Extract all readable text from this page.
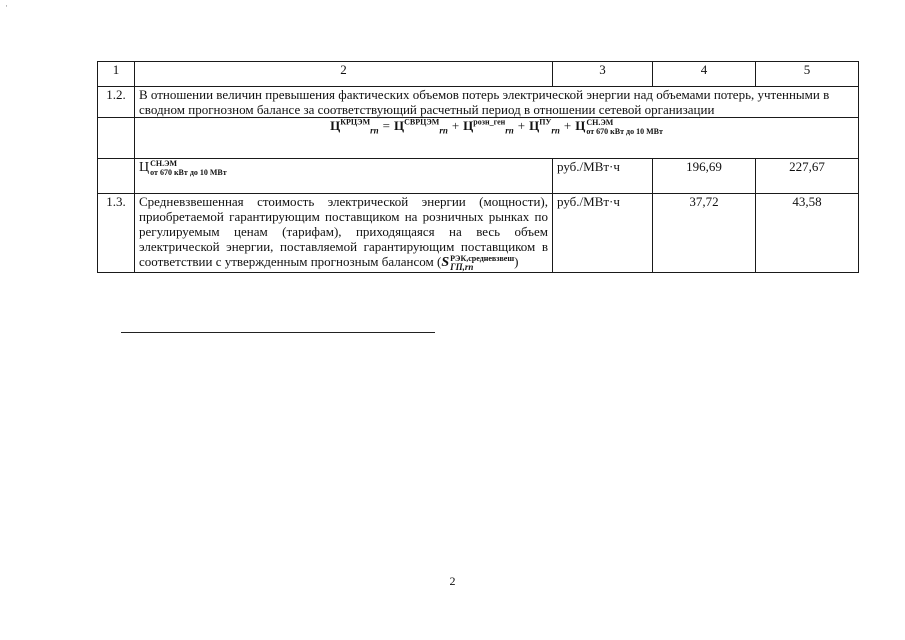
·
1	2	3	4	5
1.2.	В отношении величин превышения фактических объемов потерь электрической энергии над объемами потерь, учтенными в сводном прогнозном балансе за соответствующий расчетный период в отношении сетевой организации			
	$Ц^{КРЦЭМ}_{rn} = Ц^{СВРЦЭМ}_{rn} + Ц^{розн\_ген}_{rn} + Ц^{ПУ}_{rn} + Ц$ СН.ЭМ
от 670 кВт до 10 МВт			

	Ц СН.ЭМ
от 670 кВт до 10 МВт	руб./МВт·ч	196,69	227,67
1.3.	Средневзвешенная стоимость электрической энергии (мощности), приобретаемой гарантирующим поставщиком на розничных рынках по регулируемым ценам (тарифам), приходящаяся на весь объем электрической энергии, поставляемой гарантирующим поставщиком в соответствии с утвержденным прогнозным балансом (S РЭК,средневзвеш
ГП,rn )	руб./МВт·ч	37,72	43,58
2
